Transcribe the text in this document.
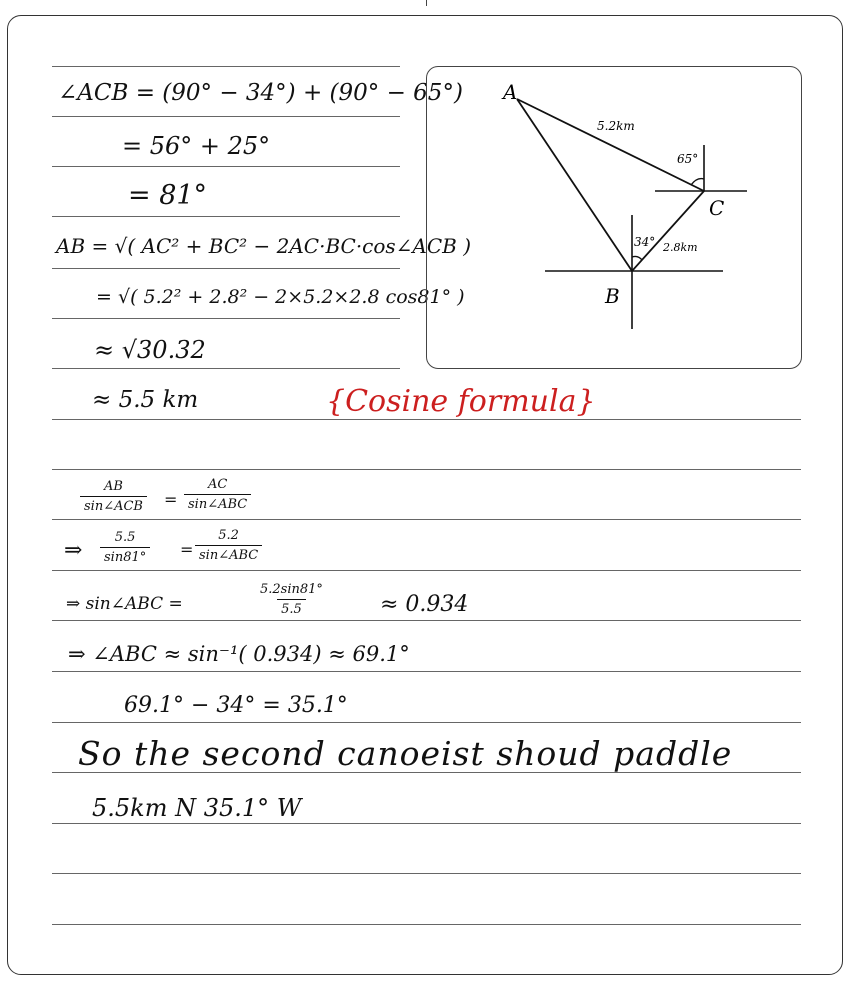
∠ACB = (90° − 34°) + (90° − 65°)
= 56° + 25°
= 81°
AB = √( AC² + BC² − 2AC·BC·cos∠ACB )
= √( 5.2² + 2.8² − 2×5.2×2.8 cos81° )
≈ √30.32
≈ 5.5 km	{Cosine formula}
A
B
C
5.2km
2.8km
65°
34°
AB
sin∠ACB =
AC
sin∠ABC
⇒ $\frac{5.5}{\sin 81^\circ}$ =
5.2
sin∠ABC
⇒ sin∠ABC =	$\frac{5.2\sin 81^\circ}{5.5} \approx 0.934$
⇒ ∠ABC ≈ sin⁻¹( 0.934) ≈ 69.1°
69.1° − 34° = 35.1°
So the second canoeist shoud paddle
5.5km N 35.1° W
